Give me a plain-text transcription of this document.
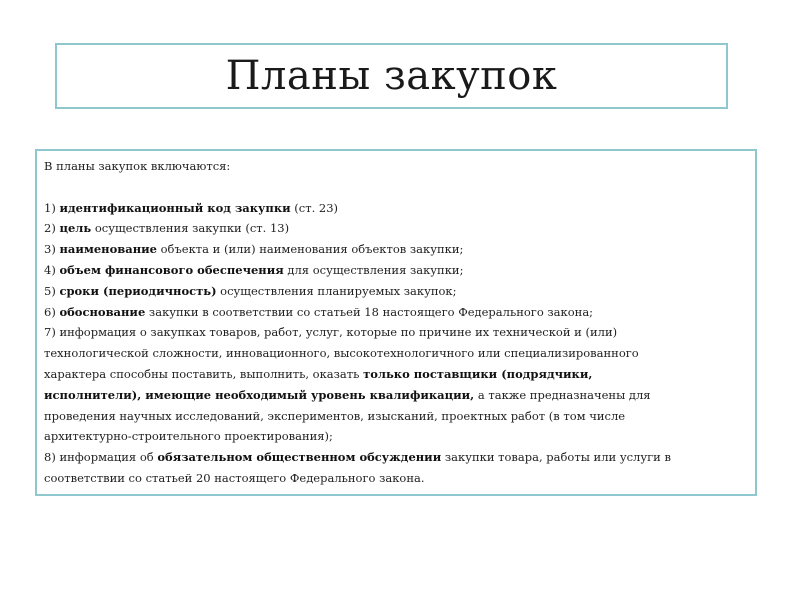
Планы закупок
В планы закупок включаются:
1) идентификационный код закупки (ст. 23)
2) цель осуществления закупки (ст. 13)
3) наименование объекта и (или) наименования объектов закупки;
4) объем финансового обеспечения для осуществления закупки;
5) сроки (периодичность) осуществления планируемых закупок;
6) обоснование закупки в соответствии со статьей 18 настоящего Федерального закона;
7) информация о закупках товаров, работ, услуг, которые по причине их технической и (или)
технологической сложности, инновационного, высокотехнологичного или специализированного
характера способны поставить, выполнить, оказать только поставщики (подрядчики,
исполнители), имеющие необходимый уровень квалификации, а также предназначены для
проведения научных исследований, экспериментов, изысканий, проектных работ (в том числе
архитектурно-строительного проектирования);
8) информация об обязательном общественном обсуждении закупки товара, работы или услуги в
соответствии со статьей 20 настоящего Федерального закона.
